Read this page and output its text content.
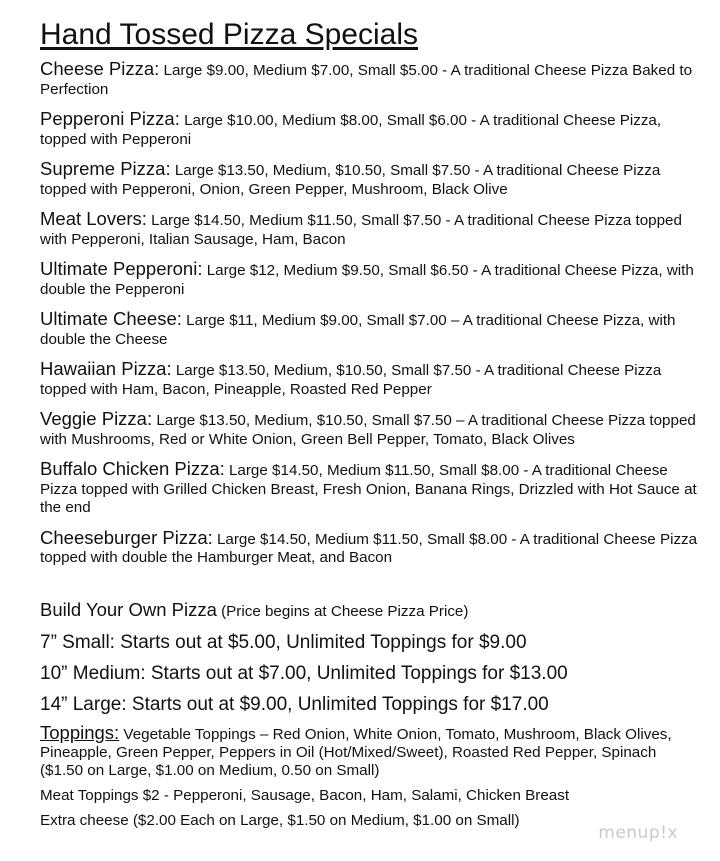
Hand Tossed Pizza Specials
Cheese Pizza: Large $9.00, Medium $7.00, Small $5.00 - A traditional Cheese Pizza Baked to Perfection
Pepperoni Pizza: Large $10.00, Medium $8.00, Small $6.00 - A traditional Cheese Pizza, topped with Pepperoni
Supreme Pizza: Large $13.50, Medium, $10.50, Small $7.50 - A traditional Cheese Pizza topped with Pepperoni, Onion, Green Pepper, Mushroom, Black Olive
Meat Lovers: Large $14.50, Medium $11.50, Small $7.50 - A traditional Cheese Pizza topped with Pepperoni, Italian Sausage, Ham, Bacon
Ultimate Pepperoni: Large $12, Medium $9.50, Small $6.50 - A traditional Cheese Pizza, with double the Pepperoni
Ultimate Cheese: Large $11, Medium $9.00, Small $7.00 – A traditional Cheese Pizza, with double the Cheese
Hawaiian Pizza: Large $13.50, Medium, $10.50, Small $7.50 - A traditional Cheese Pizza topped with Ham, Bacon, Pineapple, Roasted Red Pepper
Veggie Pizza: Large $13.50, Medium, $10.50, Small $7.50 – A traditional Cheese Pizza topped with Mushrooms, Red or White Onion, Green Bell Pepper, Tomato, Black Olives
Buffalo Chicken Pizza: Large $14.50, Medium $11.50, Small $8.00 - A traditional Cheese Pizza topped with Grilled Chicken Breast, Fresh Onion, Banana Rings, Drizzled with Hot Sauce at the end
Cheeseburger Pizza: Large $14.50, Medium $11.50, Small $8.00 - A traditional Cheese Pizza topped with double the Hamburger Meat, and Bacon
Build Your Own Pizza (Price begins at Cheese Pizza Price)
7” Small: Starts out at $5.00, Unlimited Toppings for $9.00
10” Medium: Starts out at $7.00, Unlimited Toppings for $13.00
14” Large: Starts out at $9.00, Unlimited Toppings for $17.00
Toppings: Vegetable Toppings – Red Onion, White Onion, Tomato, Mushroom, Black Olives, Pineapple, Green Pepper, Peppers in Oil (Hot/Mixed/Sweet), Roasted Red Pepper, Spinach ($1.50 on Large, $1.00 on Medium, 0.50 on Small)
Meat Toppings $2 - Pepperoni, Sausage, Bacon, Ham, Salami, Chicken Breast
Extra cheese ($2.00 Each on Large, $1.50 on Medium, $1.00 on Small)
menup!x
